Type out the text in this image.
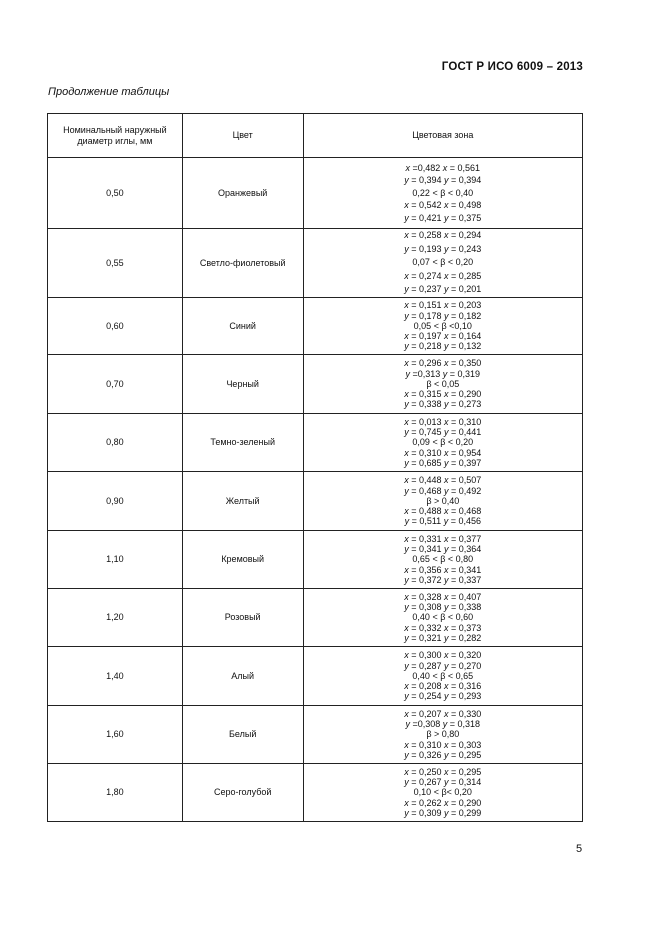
ГОСТ Р ИСО 6009 – 2013
Продолжение таблицы
Номинальный наружный диаметр иглы, мм	Цвет	Цветовая зона
0,50	Оранжевый	x =0,482 x = 0,561
y = 0,394 y = 0,394
0,22 < β < 0,40
x = 0,542 x = 0,498
y = 0,421 y = 0,375

0,55	Светло-фиолетовый	x = 0,258 x = 0,294
y = 0,193 y = 0,243
0,07 < β < 0,20
x = 0,274 x = 0,285
y = 0,237 y = 0,201

0,60	Синий	x = 0,151 x = 0,203
y = 0,178 y = 0,182
0,05 < β <0,10
x = 0,197 x = 0,164
y = 0,218 y = 0,132

0,70	Черный	x = 0,296 x = 0,350
y =0,313 y = 0,319
β < 0,05
x = 0,315 x = 0,290
y = 0,338 y = 0,273

0,80	Темно-зеленый	x = 0,013 x = 0,310
y = 0,745 y = 0,441
0,09 < β < 0,20
x = 0,310 x = 0,954
y = 0,685 y = 0,397

0,90	Желтый	x = 0,448 x = 0,507
y = 0,468 y = 0,492
β > 0,40
x = 0,488 x = 0,468
y = 0,511 y = 0,456

1,10	Кремовый	x = 0,331 x = 0,377
y = 0,341 y = 0,364
0,65 < β < 0,80
x = 0,356 x = 0,341
y = 0,372 y = 0,337

1,20	Розовый	x = 0,328 x = 0,407
y = 0,308 y = 0,338
0,40 < β < 0,60
x = 0,332 x = 0,373
y = 0,321 y = 0,282

1,40	Алый	x = 0,300 x = 0,320
y = 0,287 y = 0,270
0,40 < β < 0,65
x = 0,208 x = 0,316
y = 0,254 y = 0,293

1,60	Белый	x = 0,207 x = 0,330
y =0,308 y = 0,318
β > 0,80
x = 0,310 x = 0,303
y = 0,326 y = 0,295

1,80	Серо-голубой	x = 0,250 x = 0,295
y = 0,267 y = 0,314
0,10 < β< 0,20
x = 0,262 x = 0,290
y = 0,309 y = 0,299
5
